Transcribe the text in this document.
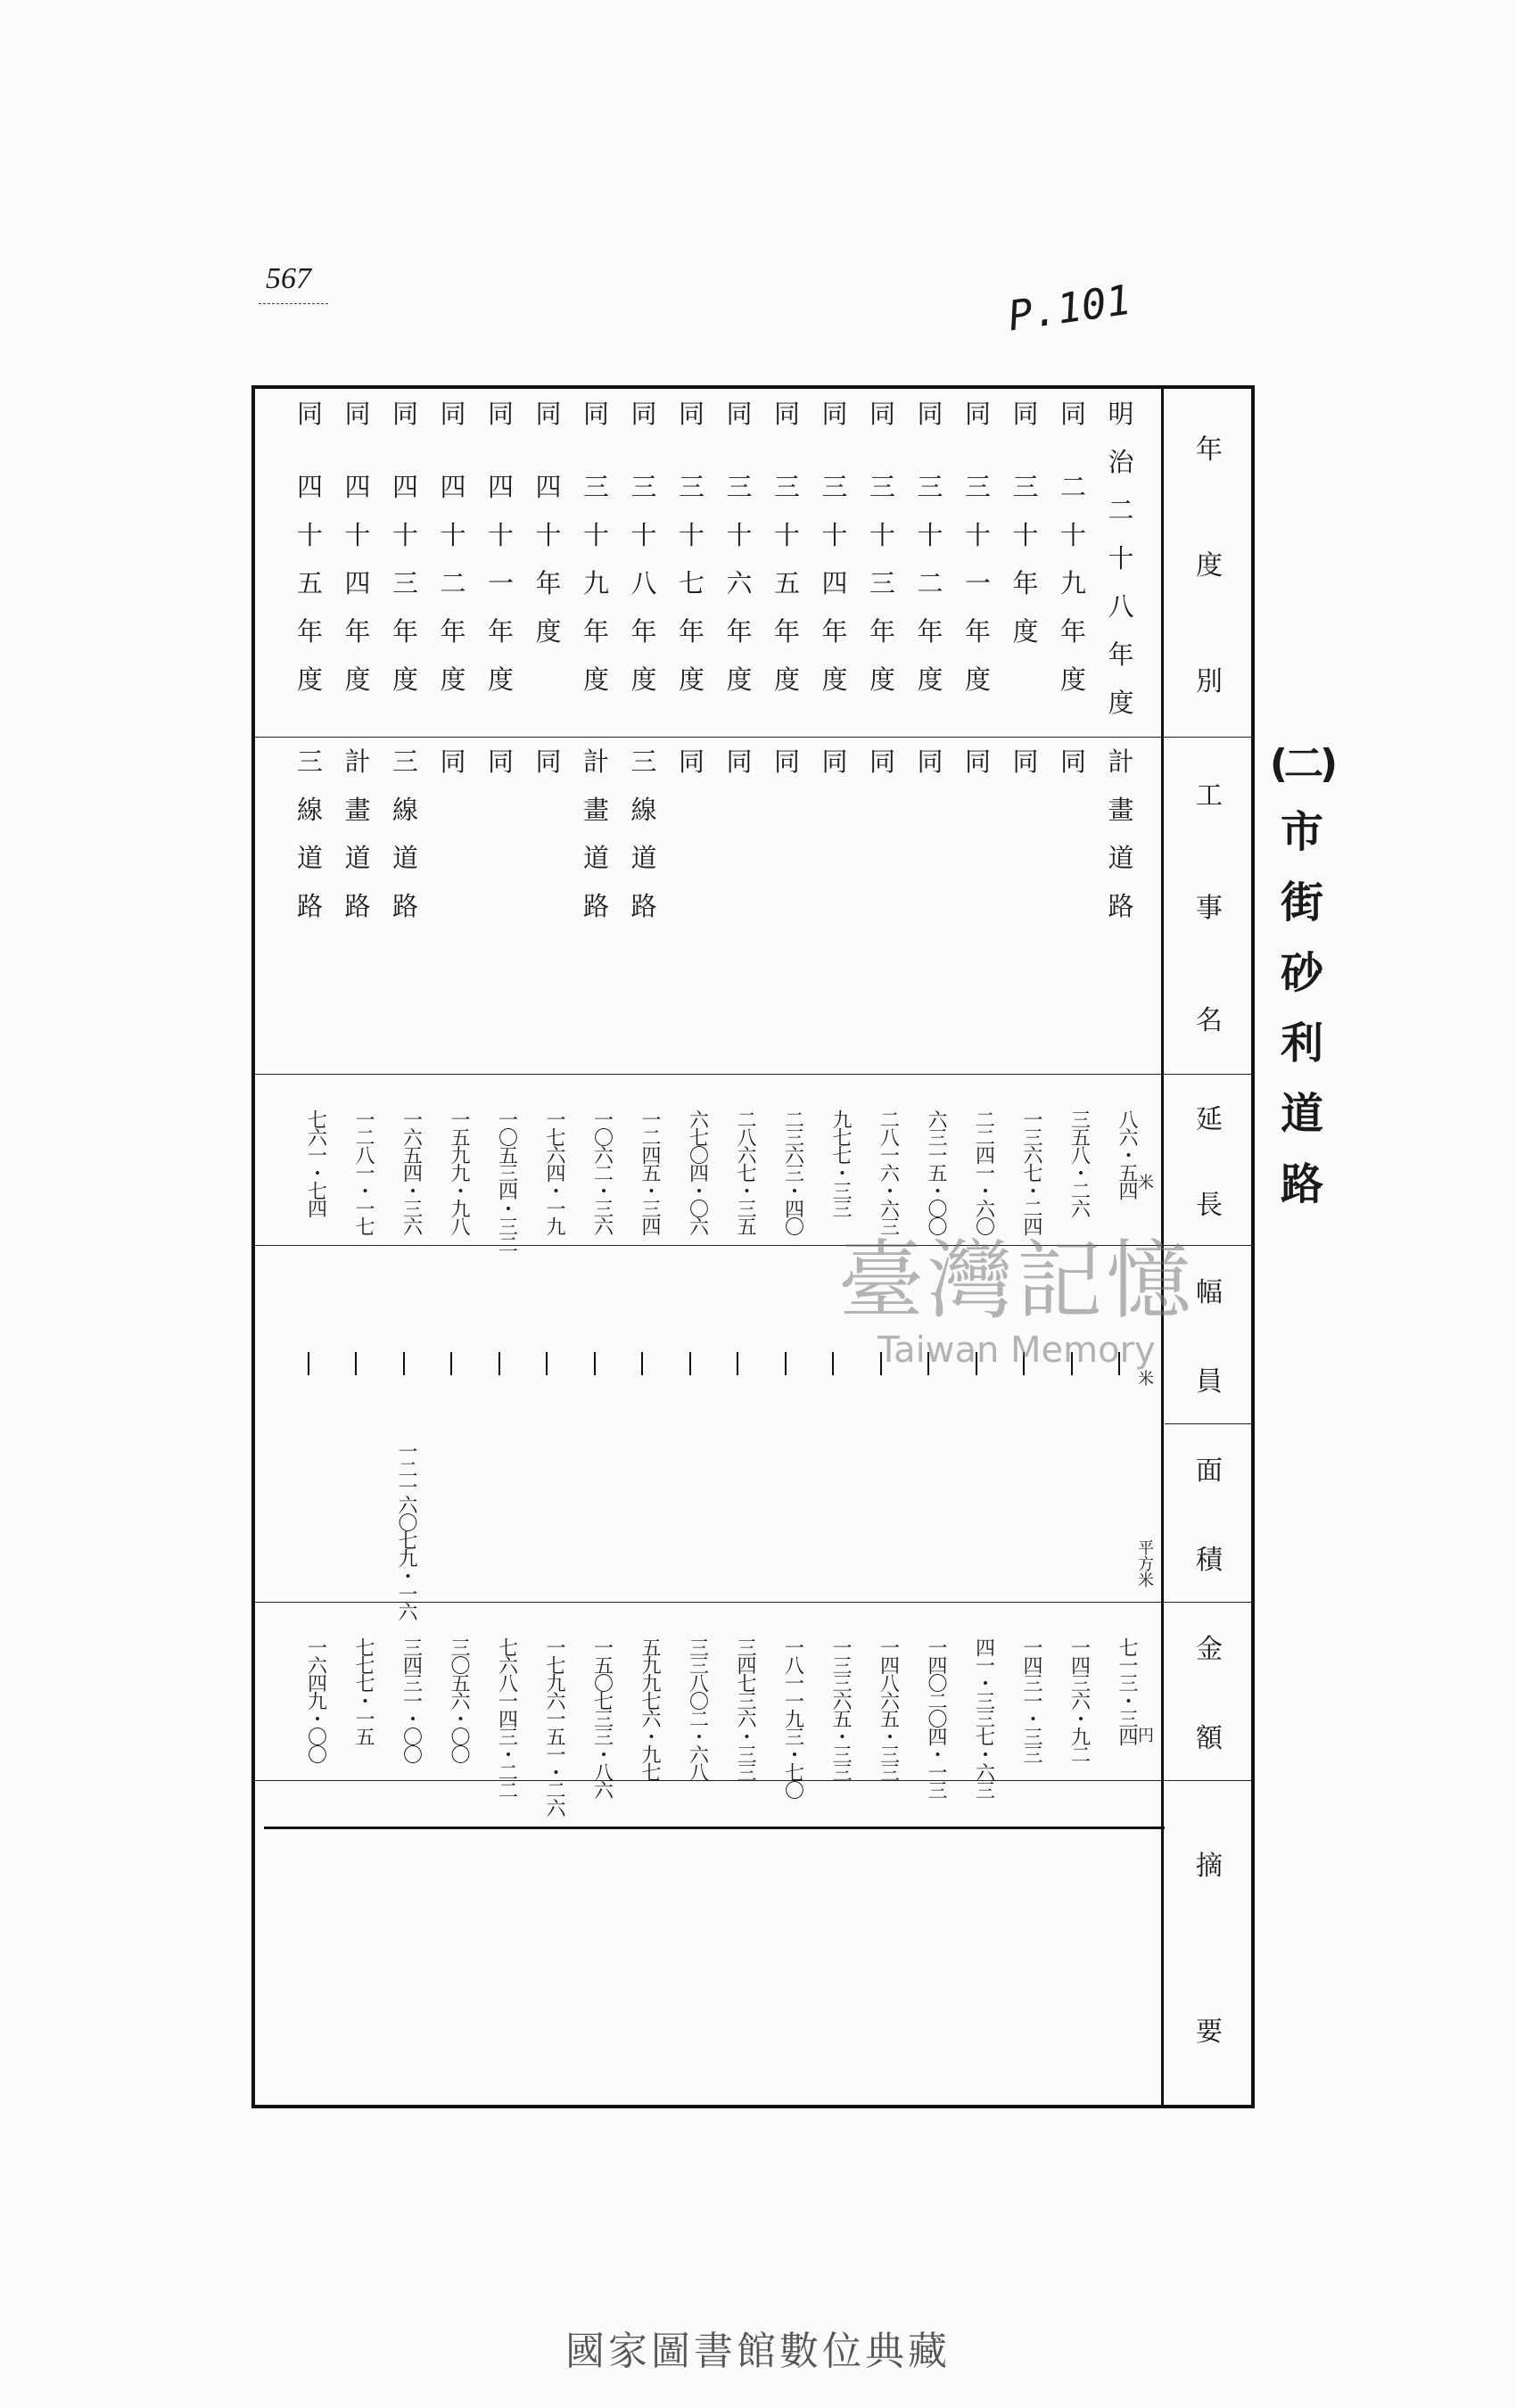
567	P.101
年
度
別
工
事
名
延
長
幅
員
面
積
金
額
摘
要
米
米
平方米
円
一二一六〇七九・一六
明
治
二
十
八
年
度
計
畫
道
路
八六・五四
七一三・三四
同

二
十
九
年
度
同
三五八・二六
一四三六・九二
同

三
十
年
度
同
一三六七・二四
一四三一・三三
同

三
十
一
年
度
同
二二四一・六〇
四一・三三七・六三
同

三
十
二
年
度
同
六三一五・〇〇
一四〇二〇四・一三
同

三
十
三
年
度
同
二八一六・六三
一四八六五・三三
同

三
十
四
年
度
同
九七七・三三
一三三六五・三三
同

三
十
五
年
度
同
二三六三・四〇
一八一一九三・七〇
同

三
十
六
年
度
同
二八六七・三五
三四七三六・三三
同

三
十
七
年
度
同
六七〇四・〇六
三三八〇二・六八
同

三
十
八
年
度
三
線
道
路
一二四五・三四
五九九七六・九七
同

三
十
九
年
度
計
畫
道
路
一〇六二・三六
一五〇七三三・八六
同

四
十
年
度
同
一七六四・一九
一七九六一五一・二六
同

四
十
一
年
度
同
一〇五三四・三二
七六八一四三・二二
同

四
十
二
年
度
同
一五九九・九八
三〇五六・〇〇
同

四
十
三
年
度
三
線
道
路
一六五四・三六
三四三一・〇〇
同

四
十
四
年
度
計
畫
道
路
一二八一・一七
七七七・一五
同

四
十
五
年
度
三
線
道
路
七六一・七四
一六四九・〇〇
(二)
市
街
砂
利
道
路
臺灣記憶
Taiwan Memory
國家圖書館數位典藏
